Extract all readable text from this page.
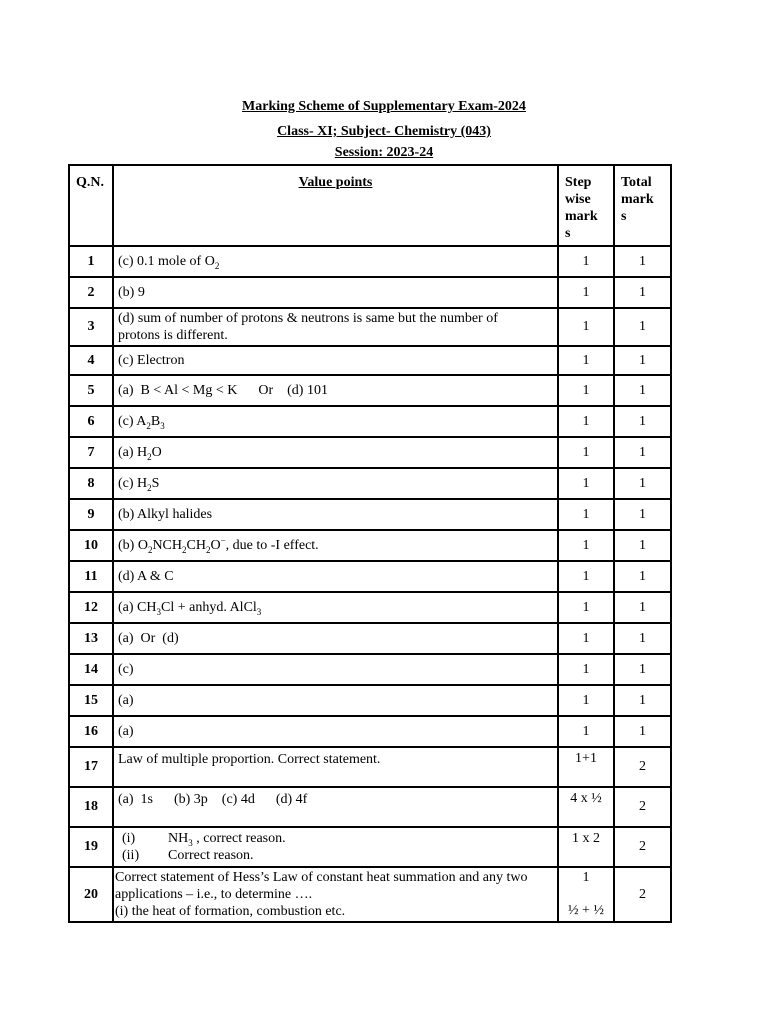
Marking Scheme of Supplementary Exam-2024
Class- XI; Subject- Chemistry (043)
Session: 2023-24
Q.N.	Value points	Step
wise
mark
s	Total
mark
s

1	(c) 0.1 mole of $O_2$	1	1
2	(b) 9	1	1
3	(d) sum of number of protons & neutrons is same but the number of
protons is different.	1	1
4	(c) Electron	1	1
5	(a)  B < Al < Mg < K      Or    (d) 101	1	1
6	(c) $A_2B_3$	1	1
7	(a) $H_2O$	1	1
8	(c) $H_2S$	1	1
9	(b) Alkyl halides	1	1
10	(b) $O_2NCH_2CH_2O^-$, due to -I effect.	1	1
11	(d) A & C	1	1
12	(a) $CH_3Cl$ + anhyd. AlCl$_3$	1	1
13	(a)  Or  (d)	1	1
14	(c)	1	1
15	(a)	1	1
16	(a)	1	1
17	Law of multiple proportion. Correct statement.	1+1	2
18	(a)  1s      (b) 3p    (c) 4d      (d) 4f	4 x ½	2
19	(i) $NH_3$ , correct reason.
(ii) Correct reason.	1 x 2	2
20	Correct statement of Hess’s Law of constant heat summation and any two
applications – i.e., to determine ….
(i) the heat of formation, combustion etc.	1
½ + ½	2
